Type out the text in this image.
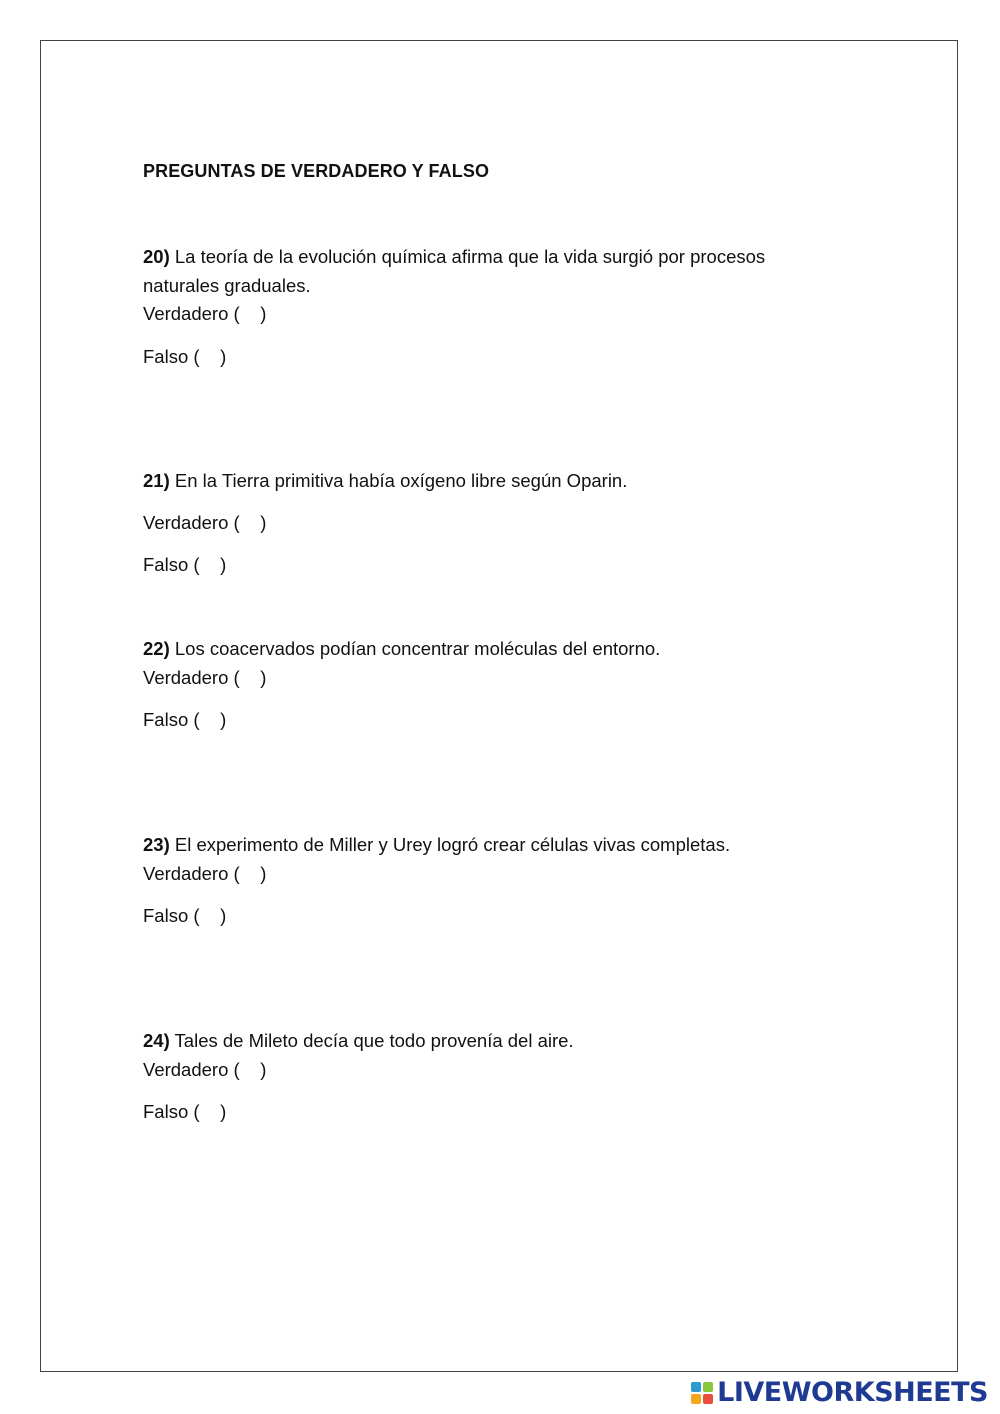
PREGUNTAS DE VERDADERO Y FALSO

20) La teoría de la evolución química afirma que la vida surgió por procesos naturales graduales.

Verdadero (    )

Falso (    )

21) En la Tierra primitiva había oxígeno libre según Oparin.

Verdadero (    )

Falso (    )

22) Los coacervados podían concentrar moléculas del entorno.

Verdadero (    )

Falso (    )

23) El experimento de Miller y Urey logró crear células vivas completas.

Verdadero (    )

Falso (    )

24) Tales de Mileto decía que todo provenía del aire.

Verdadero (    )

Falso (    )

LIVEWORKSHEETS
